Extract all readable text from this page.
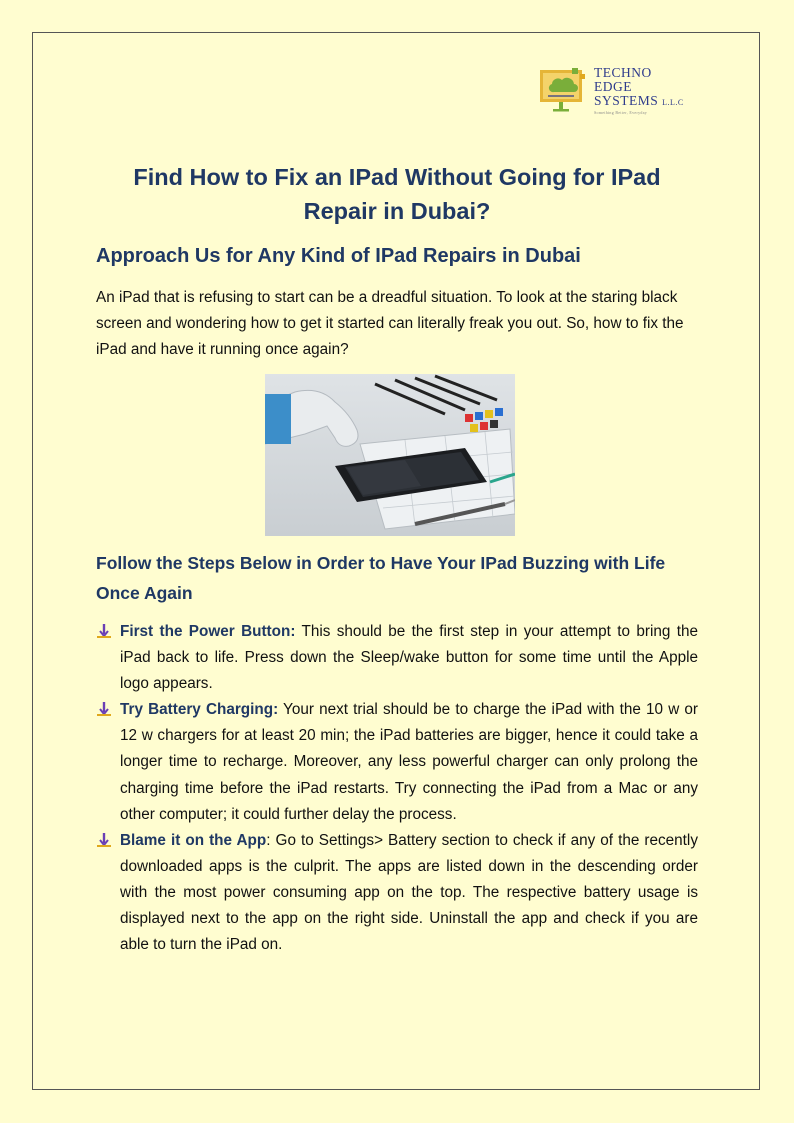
TECHNO
EDGE
SYSTEMS L.L.C
Something Better, Everyday
Find How to Fix an IPad Without Going for IPad Repair in Dubai?
Approach Us for Any Kind of IPad Repairs in Dubai
An iPad that is refusing to start can be a dreadful situation. To look at the staring black screen and wondering how to get it started can literally freak you out. So, how to fix the iPad and have it running once again?
Follow the Steps Below in Order to Have Your IPad Buzzing with Life Once Again
First the Power Button: This should be the first step in your attempt to bring the iPad back to life. Press down the Sleep/wake button for some time until the Apple logo appears.
Try Battery Charging: Your next trial should be to charge the iPad with the 10 w or 12 w chargers for at least 20 min; the iPad batteries are bigger, hence it could take a longer time to recharge. Moreover, any less powerful charger can only prolong the charging time before the iPad restarts. Try connecting the iPad from a Mac or any other computer; it could further delay the process.
Blame it on the App: Go to Settings> Battery section to check if any of the recently downloaded apps is the culprit. The apps are listed down in the descending order with the most power consuming app on the top. The respective battery usage is displayed next to the app on the right side. Uninstall the app and check if you are able to turn the iPad on.
